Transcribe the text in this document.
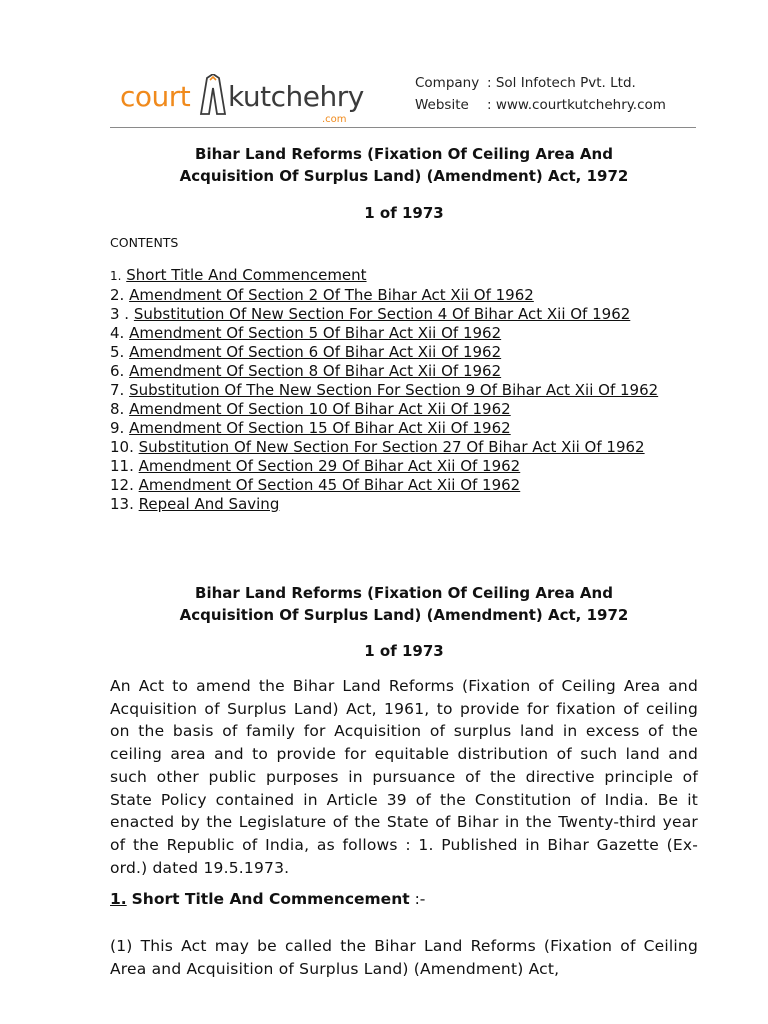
court kutchehry
.com
Company : Sol Infotech Pvt. Ltd.
Website	: www.courtkutchehry.com
Bihar Land Reforms (Fixation Of Ceiling Area And
Acquisition Of Surplus Land) (Amendment) Act, 1972
1 of 1973
CONTENTS
1. Short Title And Commencement
2. Amendment Of Section 2 Of The Bihar Act Xii Of 1962
3 . Substitution Of New Section For Section 4 Of Bihar Act Xii Of 1962
4. Amendment Of Section 5 Of Bihar Act Xii Of 1962
5. Amendment Of Section 6 Of Bihar Act Xii Of 1962
6. Amendment Of Section 8 Of Bihar Act Xii Of 1962
7. Substitution Of The New Section For Section 9 Of Bihar Act Xii Of 1962
8. Amendment Of Section 10 Of Bihar Act Xii Of 1962
9. Amendment Of Section 15 Of Bihar Act Xii Of 1962
10. Substitution Of New Section For Section 27 Of Bihar Act Xii Of 1962
11. Amendment Of Section 29 Of Bihar Act Xii Of 1962
12. Amendment Of Section 45 Of Bihar Act Xii Of 1962
13. Repeal And Saving
Bihar Land Reforms (Fixation Of Ceiling Area And
Acquisition Of Surplus Land) (Amendment) Act, 1972
1 of 1973
An Act to amend the Bihar Land Reforms (Fixation of Ceiling Area and Acquisition of Surplus Land) Act, 1961, to provide for fixation of ceiling on the basis of family for Acquisition of surplus land in excess of the ceiling area and to provide for equitable distribution of such land and such other public purposes in pursuance of the directive principle of State Policy contained in Article 39 of the Constitution of India. Be it enacted by the Legislature of the State of Bihar in the Twenty-third year of the Republic of India, as follows : 1. Published in Bihar Gazette (Ex-ord.) dated 19.5.1973.
1. Short Title And Commencement :-
(1) This Act may be called the Bihar Land Reforms (Fixation of Ceiling Area and Acquisition of Surplus Land) (Amendment) Act,
